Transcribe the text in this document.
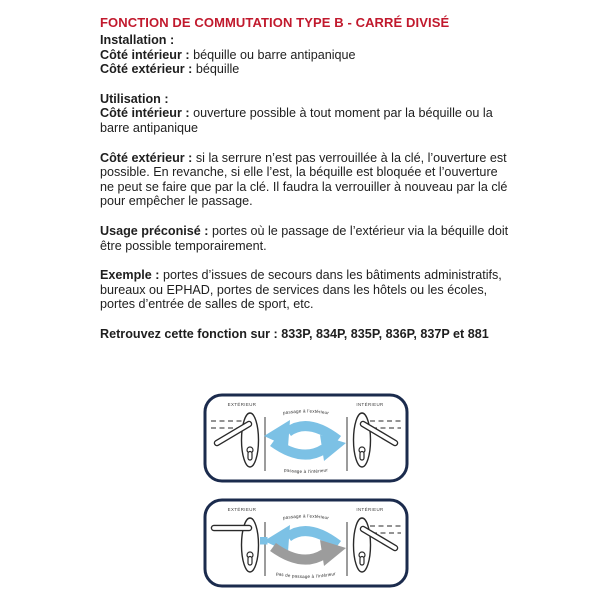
FONCTION DE COMMUTATION TYPE B - CARRÉ DIVISÉ
Installation :
Côté intérieur : béquille ou barre antipanique
Côté extérieur : béquille
Utilisation :
Côté intérieur : ouverture possible à tout moment par la béquille ou la barre antipanique
Côté extérieur : si la serrure n’est pas verrouillée à la clé, l’ouverture est possible. En revanche, si elle l’est, la béquille est bloquée et l’ouverture ne peut se faire que par la clé. Il faudra la verrouiller à nouveau par la clé pour empêcher le passage.
Usage préconisé : portes où le passage de l’extérieur via la béquille doit être possible temporairement.
Exemple : portes d’issues de secours dans les bâtiments administratifs, bureaux ou EPHAD, portes de services dans les hôtels ou les écoles, portes d’entrée de salles de sport, etc.
Retrouvez cette fonction sur : 833P, 834P, 835P, 836P, 837P et 881
EXTÉRIEUR	INTÉRIEUR
passage à l’extérieur
passage à l’intérieur
EXTÉRIEUR	INTÉRIEUR
passage à l’extérieur
pas de passage à l’intérieur
